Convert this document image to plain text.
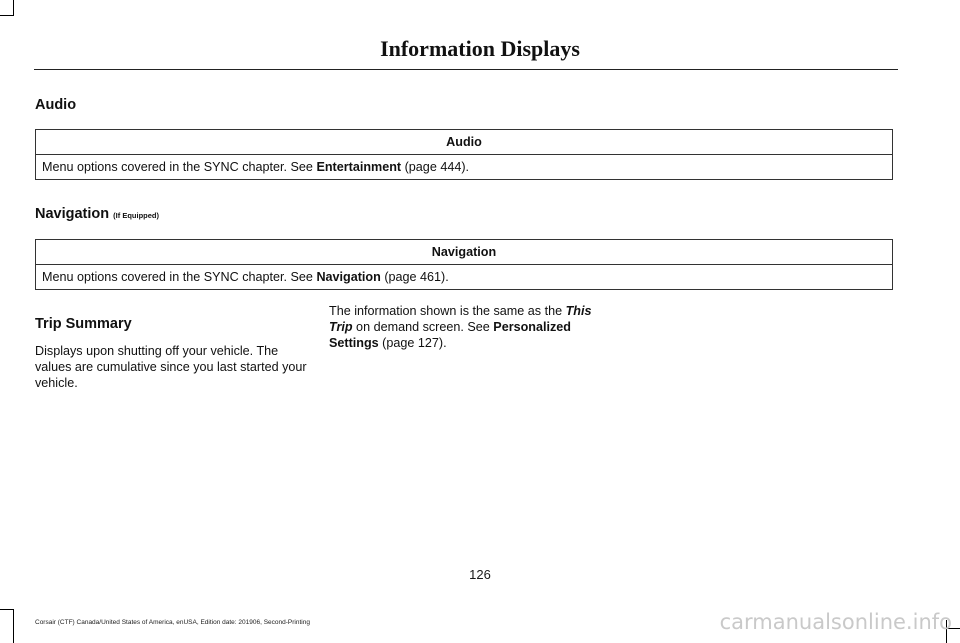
Information Displays
Audio
Audio
Menu options covered in the SYNC chapter. See Entertainment (page 444).
Navigation (If Equipped)
Navigation
Menu options covered in the SYNC chapter. See Navigation (page 461).
Trip Summary
Displays upon shutting off your vehicle. The values are cumulative since you last started your vehicle.
The information shown is the same as the This Trip on demand screen. See Personalized Settings (page 127).
126
Corsair (CTF) Canada/United States of America, enUSA, Edition date: 201906, Second-Printing	carmanualsonline.info
